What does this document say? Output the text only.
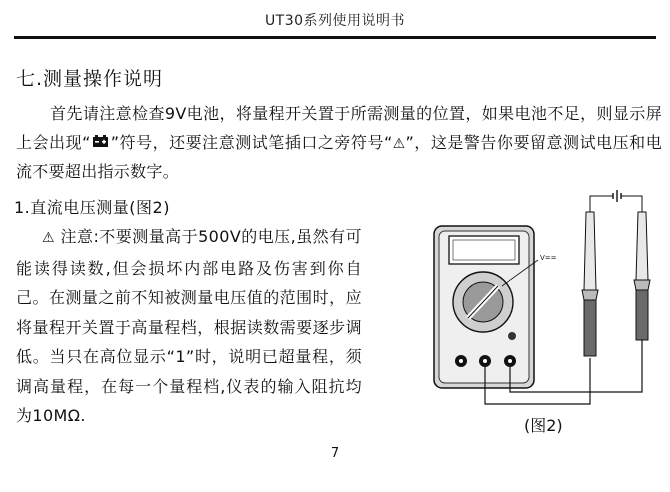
UT30系列使用说明书
七.测量操作说明
首先请注意检查9V电池，将量程开关置于所需测量的位置，如果电池不足，则显示屏上会出现“ ”符号，还要注意测试笔插口之旁符号“⚠”，这是警告你要留意测试电压和电流不要超出指示数字。
1.直流电压测量(图2)
⚠ 注意:不要测量高于500V的电压,虽然有可能读得读数,但会损坏内部电路及伤害到你自己。在测量之前不知被测量电压值的范围时，应将量程开关置于高量程档，根据读数需要逐步调低。当只在高位显示“1”时，说明已超量程，须调高量程，在每一个量程档,仪表的输入阻抗均为10MΩ.
V==
(图2)
7
